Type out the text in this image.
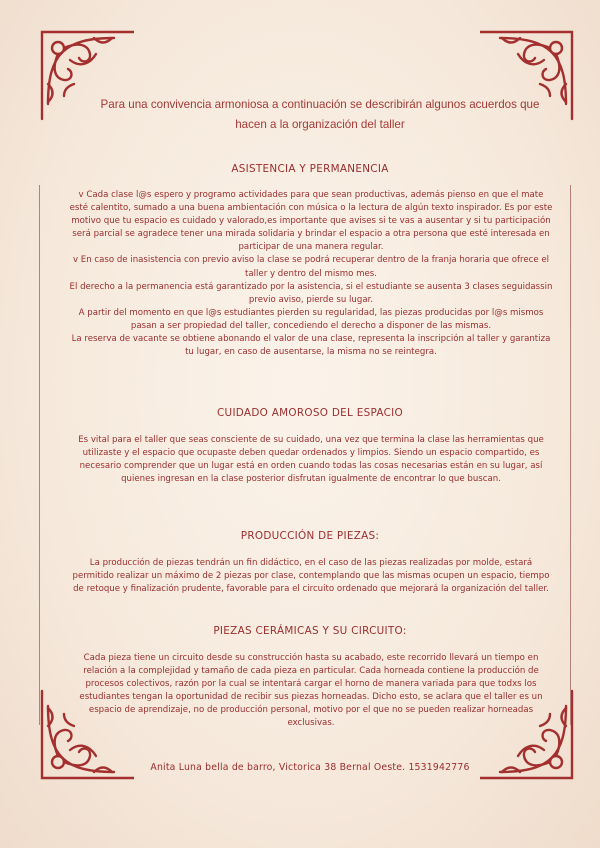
Para una convivencia armoniosa a continuación se describirán algunos acuerdos que hacen a la organización del taller
ASISTENCIA Y PERMANENCIA
v Cada clase l@s espero y programo actividades para que sean productivas, además pienso en que el mate esté calentito, sumado a una buena ambientación con música o la lectura de algún texto inspirador. Es por este motivo que tu espacio es cuidado y valorado,es importante que avises si te vas a ausentar y si tu participación será parcial se agradece tener una mirada solidaria y brindar el espacio a otra persona que esté interesada en participar de una manera regular.
v En caso de inasistencia con previo aviso la clase se podrá recuperar dentro de la franja horaria que ofrece el taller y dentro del mismo mes.
El derecho a la permanencia está garantizado por la asistencia, si el estudiante se ausenta 3 clases seguidassin previo aviso, pierde su lugar.
A partir del momento en que l@s estudiantes pierden su regularidad, las piezas producidas por l@s mismos pasan a ser propiedad del taller, concediendo el derecho a disponer de las mismas.
La reserva de vacante se obtiene abonando el valor de una clase, representa la inscripción al taller y garantiza tu lugar, en caso de ausentarse, la misma no se reintegra.
CUIDADO AMOROSO DEL ESPACIO
Es vital para el taller que seas consciente de su cuidado, una vez que termina la clase las herramientas que utilizaste y el espacio que ocupaste deben quedar ordenados y limpios. Siendo un espacio compartido, es necesario comprender que un lugar está en orden cuando todas las cosas necesarias están en su lugar, así quienes ingresan en la clase posterior disfrutan igualmente de encontrar lo que buscan.
PRODUCCIÓN DE PIEZAS:
La producción de piezas tendrán un fin didáctico, en el caso de las piezas realizadas por molde, estará permitido realizar un máximo de 2 piezas por clase, contemplando que las mismas ocupen un espacio, tiempo de retoque y finalización prudente, favorable para el circuito ordenado que mejorará la organización del taller.
PIEZAS CERÁMICAS Y SU CIRCUITO:
Cada pieza tiene un circuito desde su construcción hasta su acabado, este recorrido llevará un tiempo en relación a la complejidad y tamaño de cada pieza en particular. Cada horneada contiene la producción de procesos colectivos, razón por la cual se intentará cargar el horno de manera variada para que todxs los estudiantes tengan la oportunidad de recibir sus piezas horneadas. Dicho esto, se aclara que el taller es un espacio de aprendizaje, no de producción personal, motivo por el que no se pueden realizar horneadas exclusivas.
Anita Luna bella de barro, Victorica 38 Bernal Oeste. 1531942776
